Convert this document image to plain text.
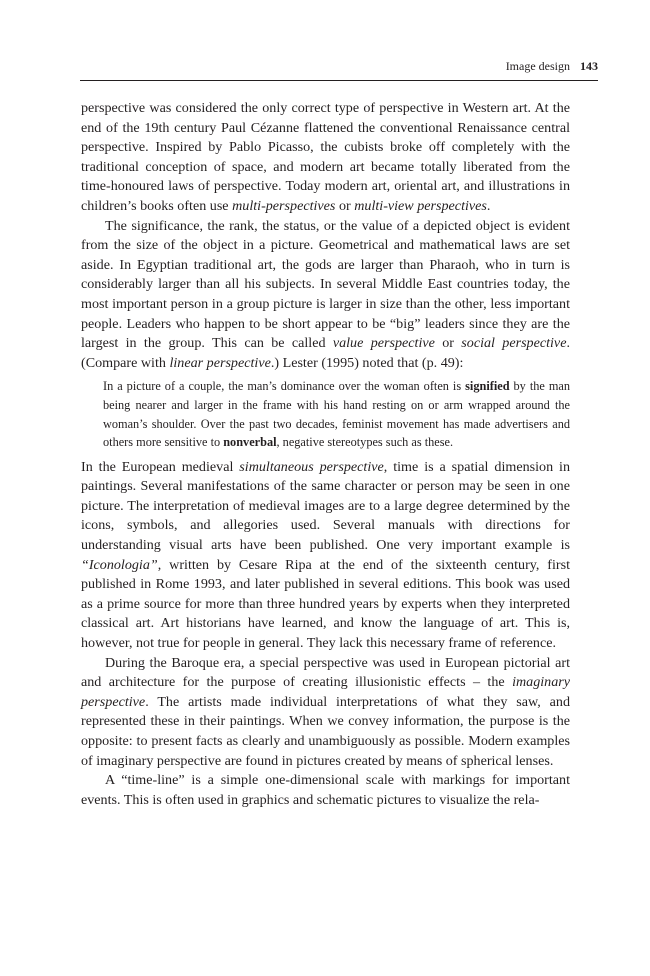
Image design 143

perspective was considered the only correct type of perspective in Western art. At the end of the 19th century Paul Cézanne flattened the conventional Renaissance central perspective. Inspired by Pablo Picasso, the cubists broke off completely with the traditional conception of space, and modern art became totally liberated from the time-honoured laws of perspective. Today modern art, oriental art, and illustrations in children’s books often use multi-perspectives or multi-view perspectives.

The significance, the rank, the status, or the value of a depicted object is evident from the size of the object in a picture. Geometrical and mathematical laws are set aside. In Egyptian traditional art, the gods are larger than Pharaoh, who in turn is considerably larger than all his subjects. In several Middle East countries today, the most important person in a group picture is larger in size than the other, less important people. Leaders who happen to be short appear to be “big” leaders since they are the largest in the group. This can be called value perspective or social perspective. (Compare with linear perspective.) Lester (1995) noted that (p. 49):

In a picture of a couple, the man’s dominance over the woman often is signified by the man being nearer and larger in the frame with his hand resting on or arm wrapped around the woman’s shoulder. Over the past two decades, feminist movement has made advertisers and others more sensitive to nonverbal, negative stereotypes such as these.

In the European medieval simultaneous perspective, time is a spatial dimension in paintings. Several manifestations of the same character or person may be seen in one picture. The interpretation of medieval images are to a large degree determined by the icons, symbols, and allegories used. Several manuals with directions for understanding visual arts have been published. One very important example is “Iconologia”, written by Cesare Ripa at the end of the sixteenth century, first published in Rome 1993, and later published in several editions. This book was used as a prime source for more than three hundred years by experts when they interpreted classical art. Art historians have learned, and know the language of art. This is, however, not true for people in general. They lack this necessary frame of reference.

During the Baroque era, a special perspective was used in European pictorial art and architecture for the purpose of creating illusionistic effects – the imaginary perspective. The artists made individual interpretations of what they saw, and represented these in their paintings. When we convey information, the purpose is the opposite: to present facts as clearly and unambiguously as possible. Modern examples of imaginary perspective are found in pictures created by means of spherical lenses.

A “time-line” is a simple one-dimensional scale with markings for important events. This is often used in graphics and schematic pictures to visualize the rela-
